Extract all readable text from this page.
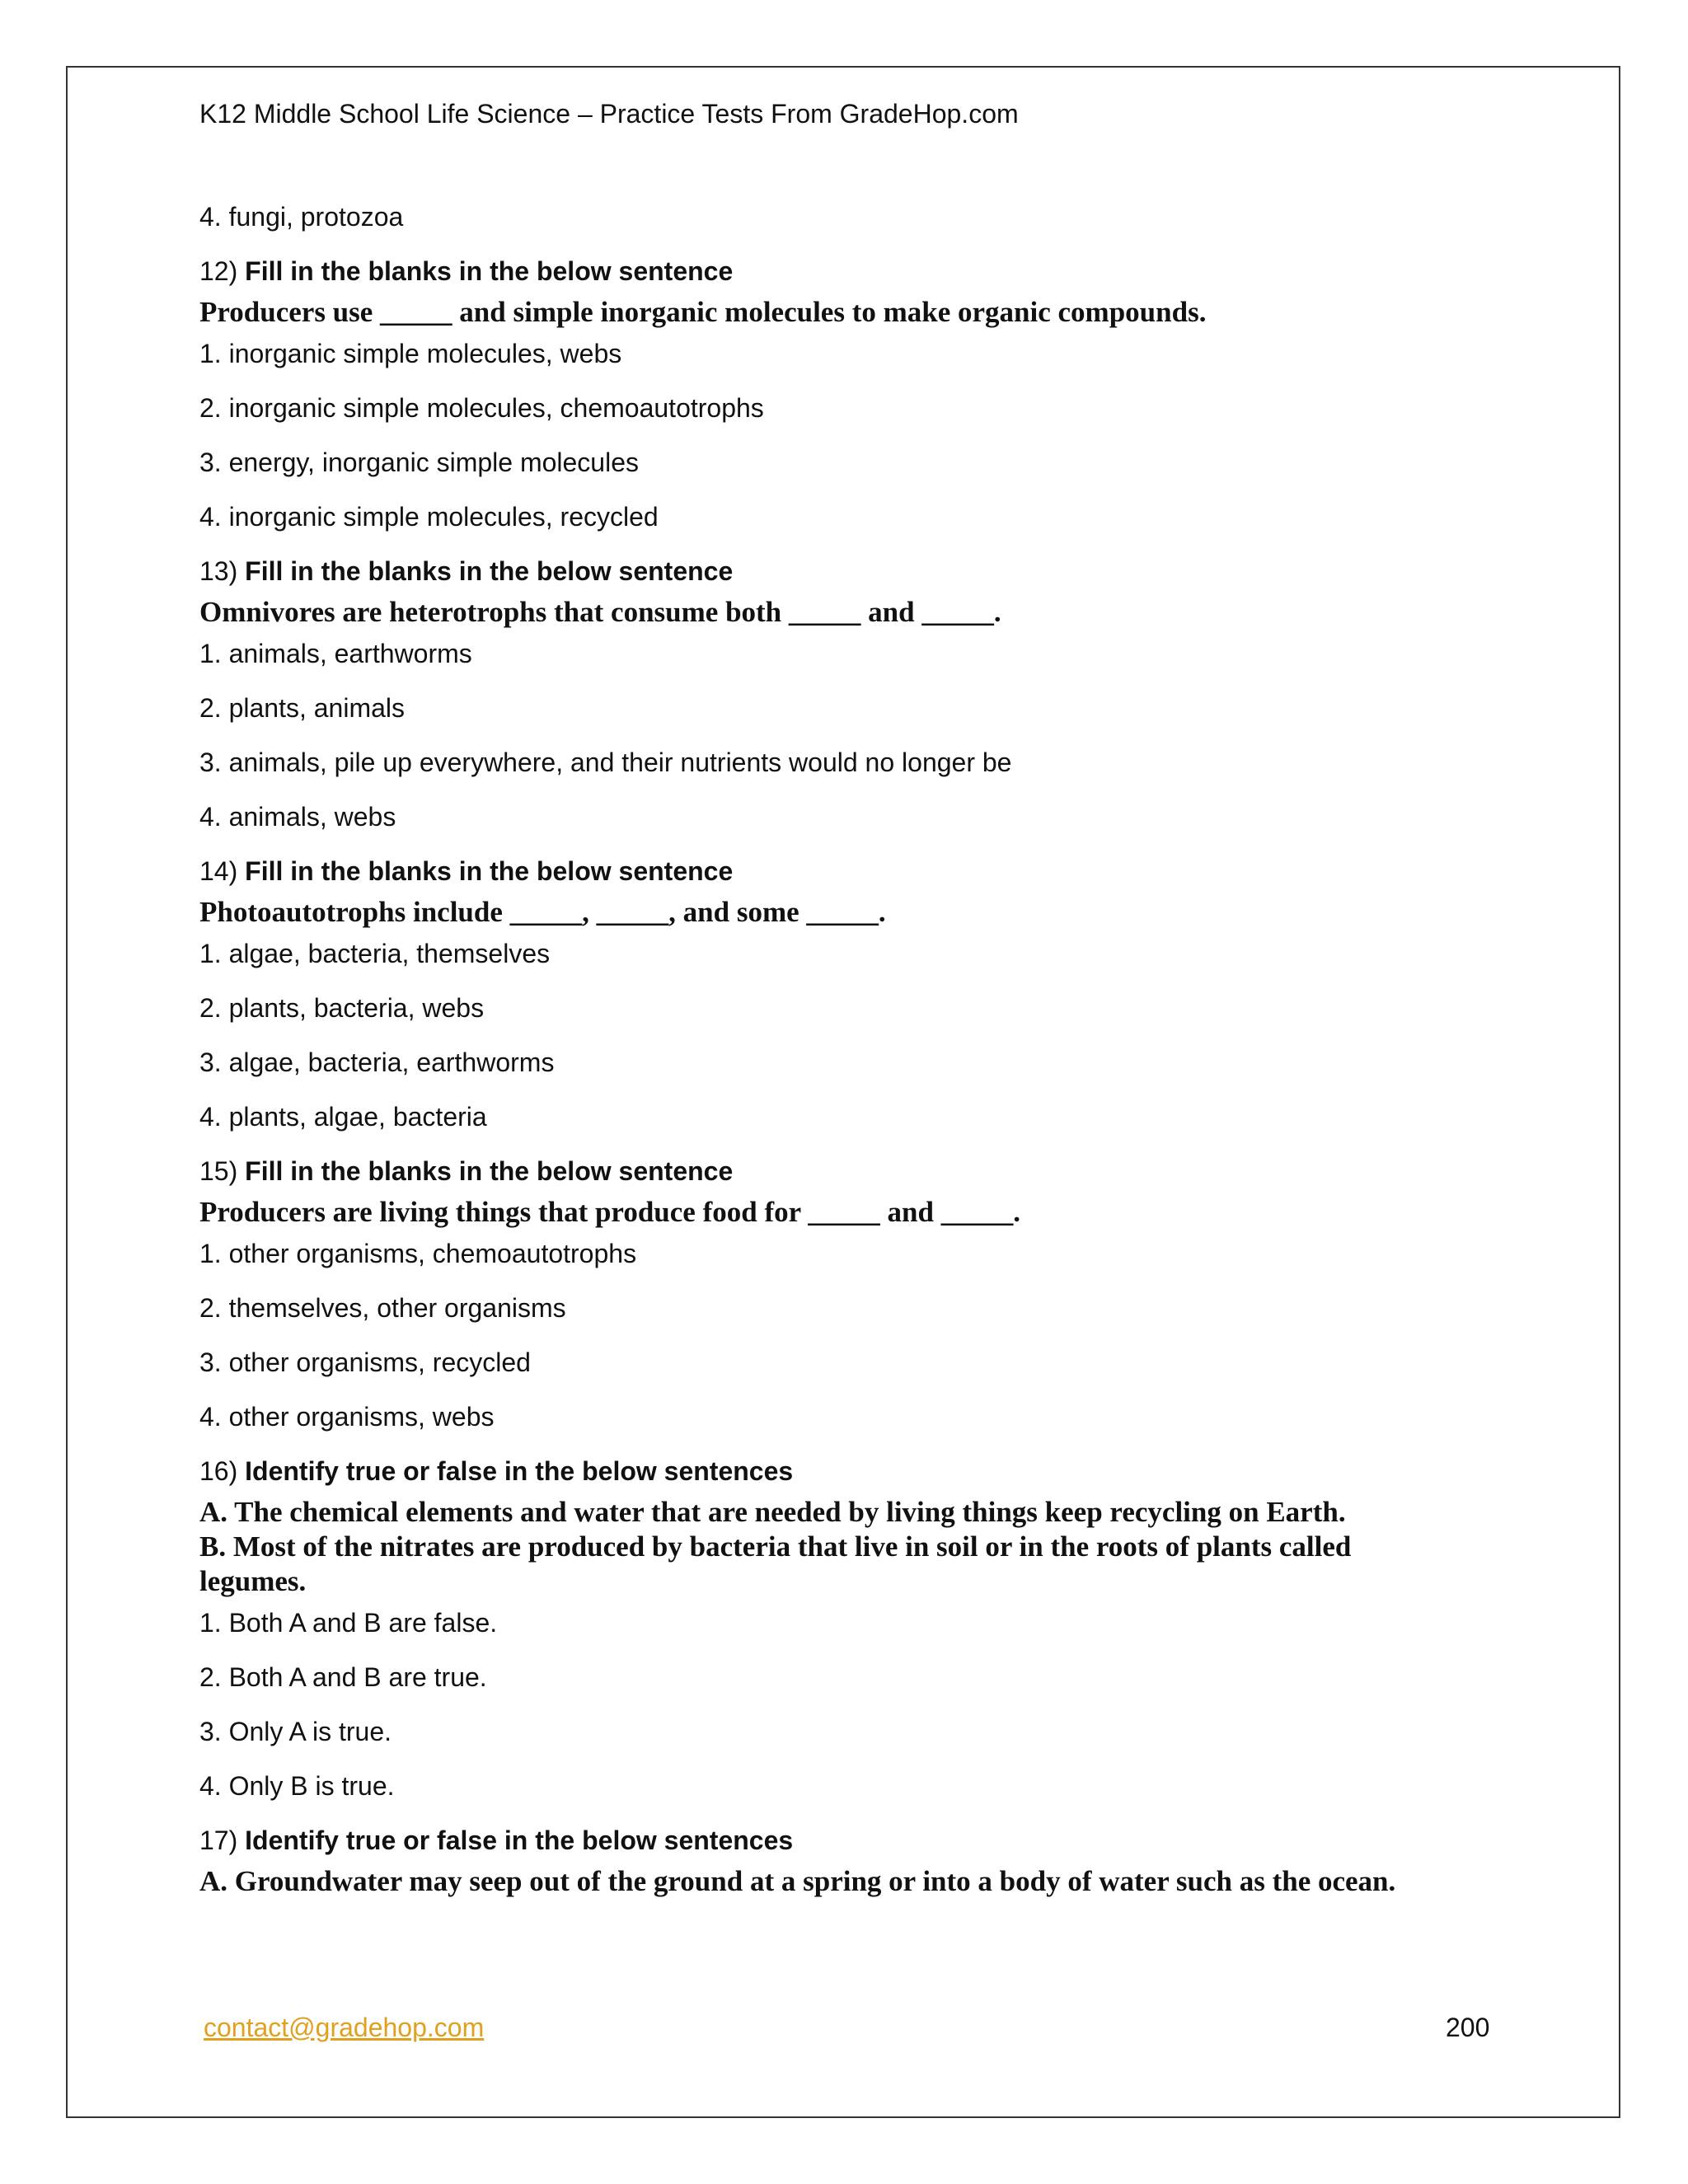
K12 Middle School Life Science – Practice Tests From GradeHop.com
4. fungi, protozoa
12) Fill in the blanks in the below sentence
Producers use _____ and simple inorganic molecules to make organic compounds.
1. inorganic simple molecules, webs
2. inorganic simple molecules, chemoautotrophs
3. energy, inorganic simple molecules
4. inorganic simple molecules, recycled
13) Fill in the blanks in the below sentence
Omnivores are heterotrophs that consume both _____ and _____.
1. animals, earthworms
2. plants, animals
3. animals, pile up everywhere, and their nutrients would no longer be
4. animals, webs
14) Fill in the blanks in the below sentence
Photoautotrophs include _____, _____, and some _____.
1. algae, bacteria, themselves
2. plants, bacteria, webs
3. algae, bacteria, earthworms
4. plants, algae, bacteria
15) Fill in the blanks in the below sentence
Producers are living things that produce food for _____ and _____.
1. other organisms, chemoautotrophs
2. themselves, other organisms
3. other organisms, recycled
4. other organisms, webs
16) Identify true or false in the below sentences
A. The chemical elements and water that are needed by living things keep recycling on Earth.
B. Most of the nitrates are produced by bacteria that live in soil or in the roots of plants called
legumes.
1. Both A and B are false.
2. Both A and B are true.
3. Only A is true.
4. Only B is true.
17) Identify true or false in the below sentences
A. Groundwater may seep out of the ground at a spring or into a body of water such as the ocean.
contact@gradehop.com	200
